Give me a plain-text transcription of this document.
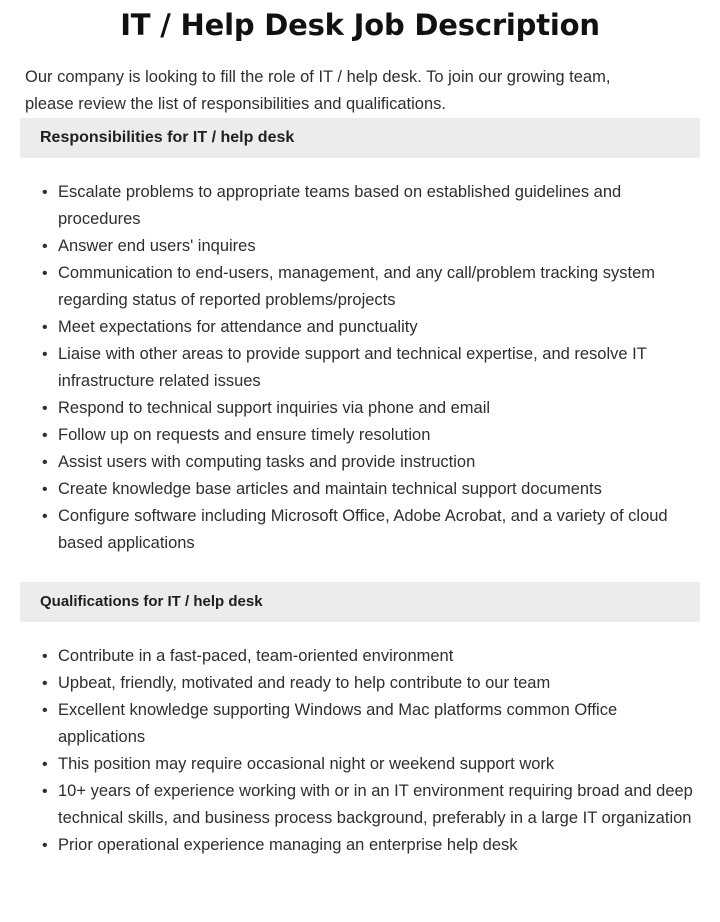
IT / Help Desk Job Description

Our company is looking to fill the role of IT / help desk. To join our growing team, please review the list of responsibilities and qualifications.

Responsibilities for IT / help desk
• Escalate problems to appropriate teams based on established guidelines and procedures
• Answer end users' inquires
• Communication to end-users, management, and any call/problem tracking system regarding status of reported problems/projects
• Meet expectations for attendance and punctuality
• Liaise with other areas to provide support and technical expertise, and resolve IT infrastructure related issues
• Respond to technical support inquiries via phone and email
• Follow up on requests and ensure timely resolution
• Assist users with computing tasks and provide instruction
• Create knowledge base articles and maintain technical support documents
• Configure software including Microsoft Office, Adobe Acrobat, and a variety of cloud based applications
Qualifications for IT / help desk
• Contribute in a fast-paced, team-oriented environment
• Upbeat, friendly, motivated and ready to help contribute to our team
• Excellent knowledge supporting Windows and Mac platforms common Office applications
• This position may require occasional night or weekend support work
• 10+ years of experience working with or in an IT environment requiring broad and deep technical skills, and business process background, preferably in a large IT organization
• Prior operational experience managing an enterprise help desk
